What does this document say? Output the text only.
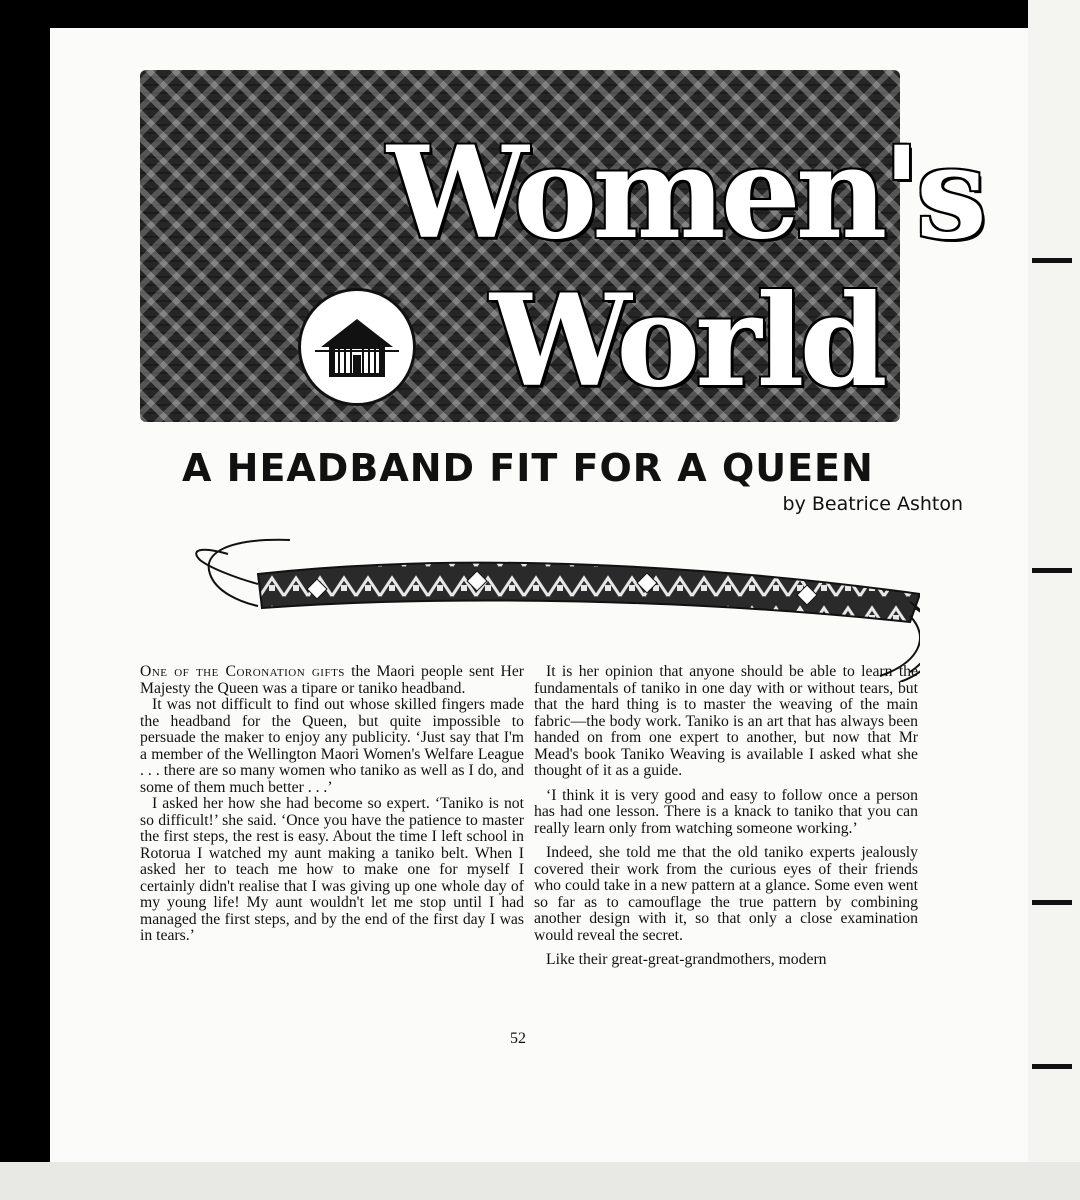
Women's
World
A HEADBAND FIT FOR A QUEEN

by Beatrice Ashton

One of the Coronation gifts the Maori people sent Her Majesty the Queen was a tipare or taniko headband.

It was not difficult to find out whose skilled fingers made the headband for the Queen, but quite impossible to persuade the maker to enjoy any publicity. ‘Just say that I'm a member of the Wellington Maori Women's Welfare League . . . there are so many women who taniko as well as I do, and some of them much better . . .’

I asked her how she had become so expert. ‘Taniko is not so difficult!’ she said. ‘Once you have the patience to master the first steps, the rest is easy. About the time I left school in Rotorua I watched my aunt making a taniko belt. When I asked her to teach me how to make one for myself I certainly didn't realise that I was giving up one whole day of my young life! My aunt wouldn't let me stop until I had managed the first steps, and by the end of the first day I was in tears.’

It is her opinion that anyone should be able to learn the fundamentals of taniko in one day with or without tears, but that the hard thing is to master the weaving of the main fabric—the body work. Taniko is an art that has always been handed on from one expert to another, but now that Mr Mead's book Taniko Weaving is available I asked what she thought of it as a guide.

‘I think it is very good and easy to follow once a person has had one lesson. There is a knack to taniko that you can really learn only from watching someone working.’

Indeed, she told me that the old taniko experts jealously covered their work from the curious eyes of their friends who could take in a new pattern at a glance. Some even went so far as to camouflage the true pattern by combining another design with it, so that only a close examination would reveal the secret.

Like their great-great-grandmothers, modern

52
